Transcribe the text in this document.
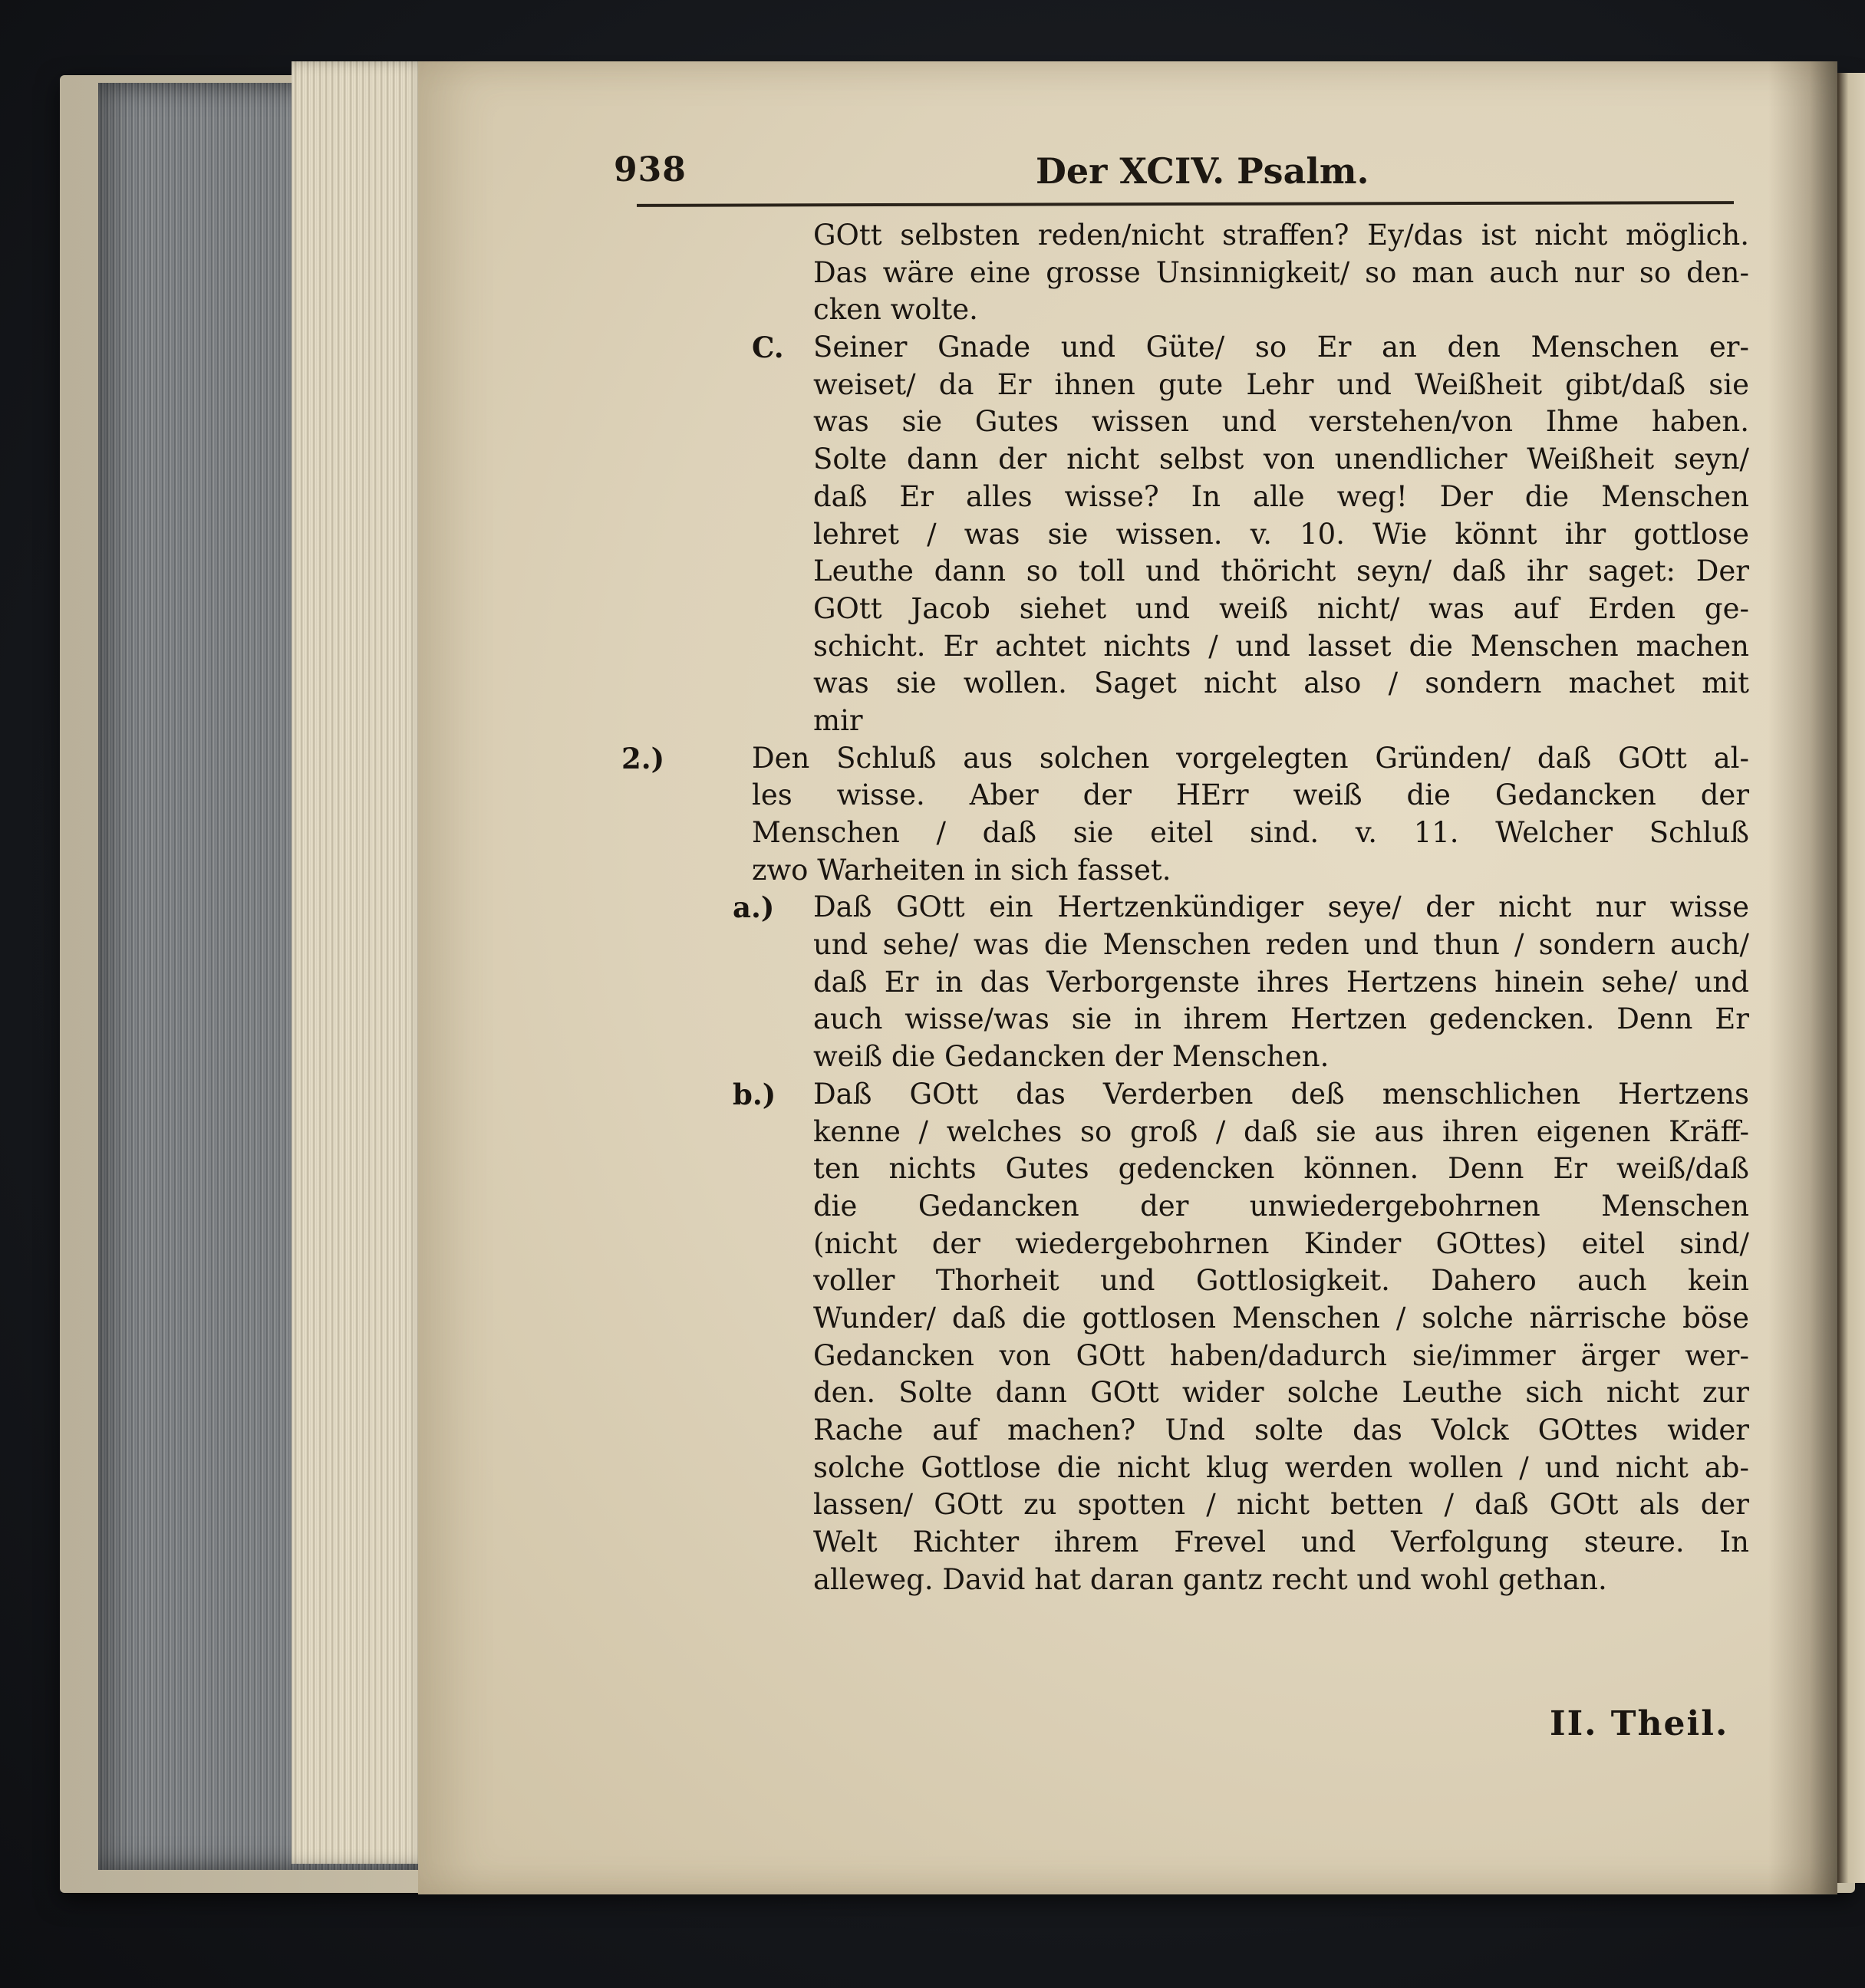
938	Der XCIV. Psalm.
GOtt selbsten reden/nicht straffen? Ey/das ist nicht möglich.
Das wäre eine grosse Unsinnigkeit/ so man auch nur so den-
cken wolte.
C. Seiner Gnade und Güte/ so Er an den Menschen er-
weiset/ da Er ihnen gute Lehr und Weißheit gibt/daß sie
was sie Gutes wissen und verstehen/von Ihme haben.
Solte dann der nicht selbst von unendlicher Weißheit seyn/
daß Er alles wisse? In alle weg! Der die Menschen
lehret / was sie wissen. v. 10. Wie könnt ihr gottlose
Leuthe dann so toll und thöricht seyn/ daß ihr saget: Der
GOtt Jacob siehet und weiß nicht/ was auf Erden ge-
schicht. Er achtet nichts / und lasset die Menschen machen
was sie wollen. Saget nicht also / sondern machet mit
mir
2.)	Den Schluß aus solchen vorgelegten Gründen/ daß GOtt al-
les wisse. Aber der HErr weiß die Gedancken der
Menschen / daß sie eitel sind. v. 11. Welcher Schluß
zwo Warheiten in sich fasset.
a.) Daß GOtt ein Hertzenkündiger seye/ der nicht nur wisse
und sehe/ was die Menschen reden und thun / sondern auch/
daß Er in das Verborgenste ihres Hertzens hinein sehe/ und
auch wisse/was sie in ihrem Hertzen gedencken. Denn Er
weiß die Gedancken der Menschen.
b.) Daß GOtt das Verderben deß menschlichen Hertzens
kenne / welches so groß / daß sie aus ihren eigenen Kräff-
ten nichts Gutes gedencken können. Denn Er weiß/daß
die Gedancken der unwiedergebohrnen Menschen
(nicht der wiedergebohrnen Kinder GOttes) eitel sind/
voller Thorheit und Gottlosigkeit. Dahero auch kein
Wunder/ daß die gottlosen Menschen / solche närrische böse
Gedancken von GOtt haben/dadurch sie/immer ärger wer-
den. Solte dann GOtt wider solche Leuthe sich nicht zur
Rache auf machen? Und solte das Volck GOttes wider
solche Gottlose die nicht klug werden wollen / und nicht ab-
lassen/ GOtt zu spotten / nicht betten / daß GOtt als der
Welt Richter ihrem Frevel und Verfolgung steure. In
alleweg. David hat daran gantz recht und wohl gethan.
II. Theil.
